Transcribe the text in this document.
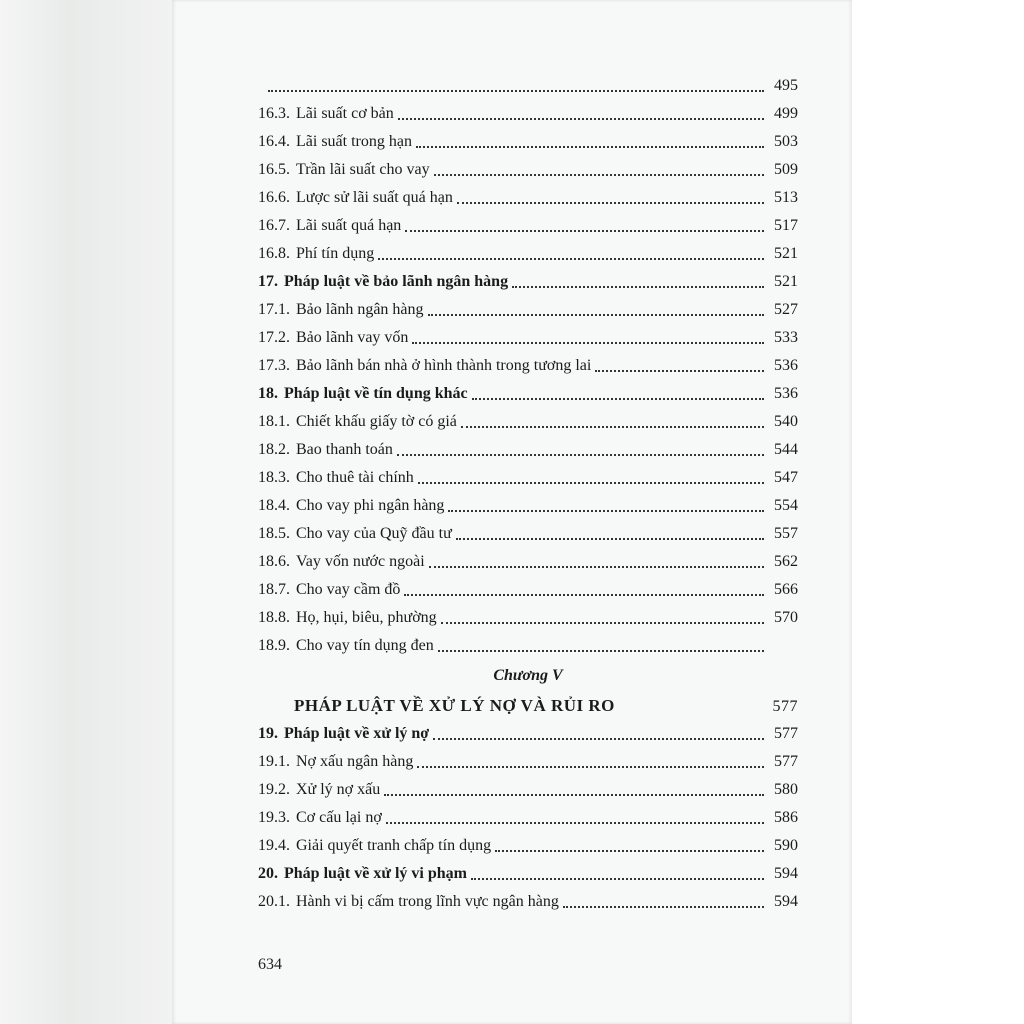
495
16.3. Lãi suất cơ bản	499
16.4. Lãi suất trong hạn	503
16.5. Trần lãi suất cho vay	509
16.6. Lược sử lãi suất quá hạn	513
16.7. Lãi suất quá hạn	517
16.8. Phí tín dụng	521
17. Pháp luật về bảo lãnh ngân hàng	521
17.1. Bảo lãnh ngân hàng	527
17.2. Bảo lãnh vay vốn	533
17.3. Bảo lãnh bán nhà ở hình thành trong tương lai	536
18. Pháp luật về tín dụng khác	536
18.1. Chiết khấu giấy tờ có giá	540
18.2. Bao thanh toán	544
18.3. Cho thuê tài chính	547
18.4. Cho vay phi ngân hàng	554
18.5. Cho vay của Quỹ đầu tư	557
18.6. Vay vốn nước ngoài	562
18.7. Cho vay cầm đồ	566
18.8. Họ, hụi, biêu, phường	570
18.9. Cho vay tín dụng đen
Chương V
PHÁP LUẬT VỀ XỬ LÝ NỢ VÀ RỦI RO	577
19. Pháp luật về xử lý nợ	577
19.1. Nợ xấu ngân hàng	577
19.2. Xử lý nợ xấu	580
19.3. Cơ cấu lại nợ	586
19.4. Giải quyết tranh chấp tín dụng	590
20. Pháp luật về xử lý vi phạm	594
20.1. Hành vi bị cấm trong lĩnh vực ngân hàng	594
634
